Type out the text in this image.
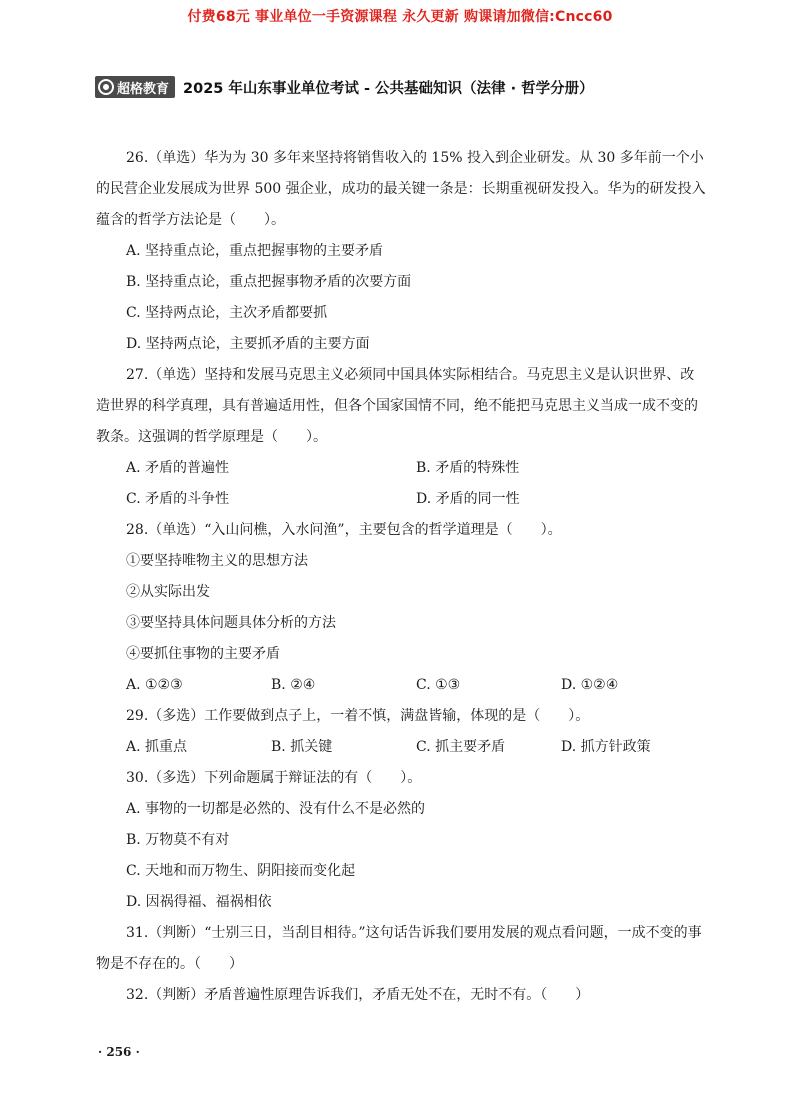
付费68元 事业单位一手资源课程 永久更新 购课请加微信:Cncc60
超格教育 2025 年山东事业单位考试 - 公共基础知识（法律 · 哲学分册）
26.（单选）华为为 30 多年来坚持将销售收入的 15% 投入到企业研发。从 30 多年前一个小的民营企业发展成为世界 500 强企业，成功的最关键一条是：长期重视研发投入。华为的研发投入蕴含的哲学方法论是（　　）。
A. 坚持重点论，重点把握事物的主要矛盾
B. 坚持重点论，重点把握事物矛盾的次要方面
C. 坚持两点论，主次矛盾都要抓
D. 坚持两点论，主要抓矛盾的主要方面
27.（单选）坚持和发展马克思主义必须同中国具体实际相结合。马克思主义是认识世界、改造世界的科学真理，具有普遍适用性，但各个国家国情不同，绝不能把马克思主义当成一成不变的教条。这强调的哲学原理是（　　）。
A. 矛盾的普遍性	B. 矛盾的特殊性
C. 矛盾的斗争性	D. 矛盾的同一性
28.（单选）“入山问樵，入水问渔”，主要包含的哲学道理是（　　）。
①要坚持唯物主义的思想方法
②从实际出发
③要坚持具体问题具体分析的方法
④要抓住事物的主要矛盾
A. ①②③	B. ②④	C. ①③	D. ①②④
29.（多选）工作要做到点子上，一着不慎，满盘皆输，体现的是（　　）。
A. 抓重点	B. 抓关键	C. 抓主要矛盾	D. 抓方针政策
30.（多选）下列命题属于辩证法的有（　　）。
A. 事物的一切都是必然的、没有什么不是必然的
B. 万物莫不有对
C. 天地和而万物生、阴阳接而变化起
D. 因祸得福、福祸相依
31.（判断）“士别三日，当刮目相待。”这句话告诉我们要用发展的观点看问题，一成不变的事物是不存在的。（　　）
32.（判断）矛盾普遍性原理告诉我们，矛盾无处不在，无时不有。（　　）
· 256 ·
